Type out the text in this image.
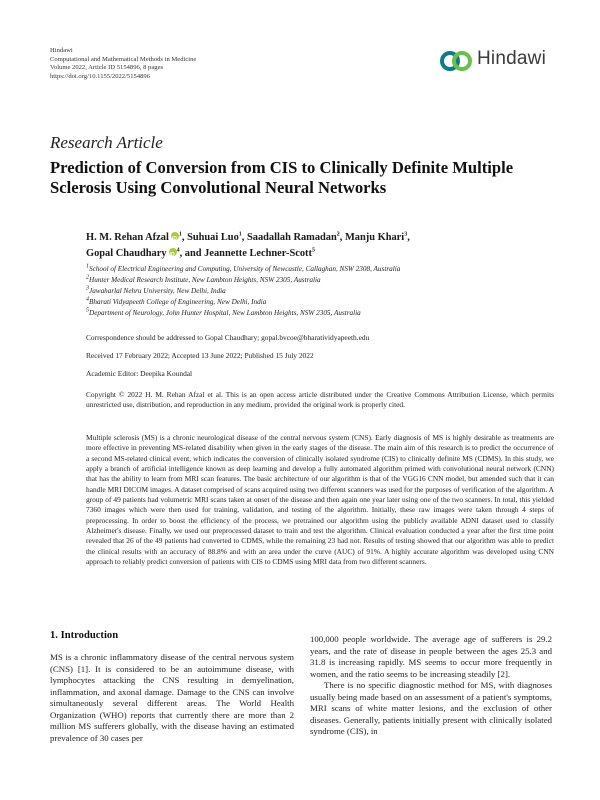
Hindawi
Computational and Mathematical Methods in Medicine
Volume 2022, Article ID 5154896, 8 pages
https://doi.org/10.1155/2022/5154896
Hindawi
Research Article
Prediction of Conversion from CIS to Clinically Definite Multiple Sclerosis Using Convolutional Neural Networks
H. M. Rehan Afzal iD $^1$, Suhuai Luo$^1$, Saadallah Ramadan$^2$, Manju Khari$^3$,
Gopal Chaudhary iD $^4$, and Jeannette Lechner-Scott$^5$
$^1$School of Electrical Engineering and Computing, University of Newcastle, Callaghan, NSW 2308, Australia
$^2$Hunter Medical Research Institute, New Lambton Heights, NSW 2305, Australia
$^3$Jawaharlal Nehru University, New Delhi, India
$^4$Bharati Vidyapeeth College of Engineering, New Delhi, India
$^5$Department of Neurology, John Hunter Hospital, New Lambton Heights, NSW 2305, Australia
Correspondence should be addressed to Gopal Chaudhary; gopal.bvcoe@bharatividyapeeth.edu
Received 17 February 2022; Accepted 13 June 2022; Published 15 July 2022
Academic Editor: Deepika Koundal
Copyright © 2022 H. M. Rehan Afzal et al. This is an open access article distributed under the Creative Commons Attribution License, which permits unrestricted use, distribution, and reproduction in any medium, provided the original work is properly cited.
Multiple sclerosis (MS) is a chronic neurological disease of the central nervous system (CNS). Early diagnosis of MS is highly desirable as treatments are more effective in preventing MS-related disability when given in the early stages of the disease. The main aim of this research is to predict the occurrence of a second MS-related clinical event, which indicates the conversion of clinically isolated syndrome (CIS) to clinically definite MS (CDMS). In this study, we apply a branch of artificial intelligence known as deep learning and develop a fully automated algorithm primed with convolutional neural network (CNN) that has the ability to learn from MRI scan features. The basic architecture of our algorithm is that of the VGG16 CNN model, but amended such that it can handle MRI DICOM images. A dataset comprised of scans acquired using two different scanners was used for the purposes of verification of the algorithm. A group of 49 patients had volumetric MRI scans taken at onset of the disease and then again one year later using one of the two scanners. In total, this yielded 7360 images which were then used for training, validation, and testing of the algorithm. Initially, these raw images were taken through 4 steps of preprocessing. In order to boost the efficiency of the process, we pretrained our algorithm using the publicly available ADNI dataset used to classify Alzheimer's disease. Finally, we used our preprocessed dataset to train and test the algorithm. Clinical evaluation conducted a year after the first time point revealed that 26 of the 49 patients had converted to CDMS, while the remaining 23 had not. Results of testing showed that our algorithm was able to predict the clinical results with an accuracy of 88.8% and with an area under the curve (AUC) of 91%. A highly accurate algorithm was developed using CNN approach to reliably predict conversion of patients with CIS to CDMS using MRI data from two different scanners.
1. Introduction
MS is a chronic inflammatory disease of the central nervous system (CNS) [1]. It is considered to be an autoimmune disease, with lymphocytes attacking the CNS resulting in demyelination, inflammation, and axonal damage. Damage to the CNS can involve simultaneously several different areas. The World Health Organization (WHO) reports that currently there are more than 2 million MS sufferers globally, with the disease having an estimated prevalence of 30 cases per

100,000 people worldwide. The average age of sufferers is 29.2 years, and the rate of disease in people between the ages 25.3 and 31.8 is increasing rapidly. MS seems to occur more frequently in women, and the ratio seems to be increasing steadily [2].

There is no specific diagnostic method for MS, with diagnoses usually being made based on an assessment of a patient's symptoms, MRI scans of white matter lesions, and the exclusion of other diseases. Generally, patients initially present with clinically isolated syndrome (CIS), in
